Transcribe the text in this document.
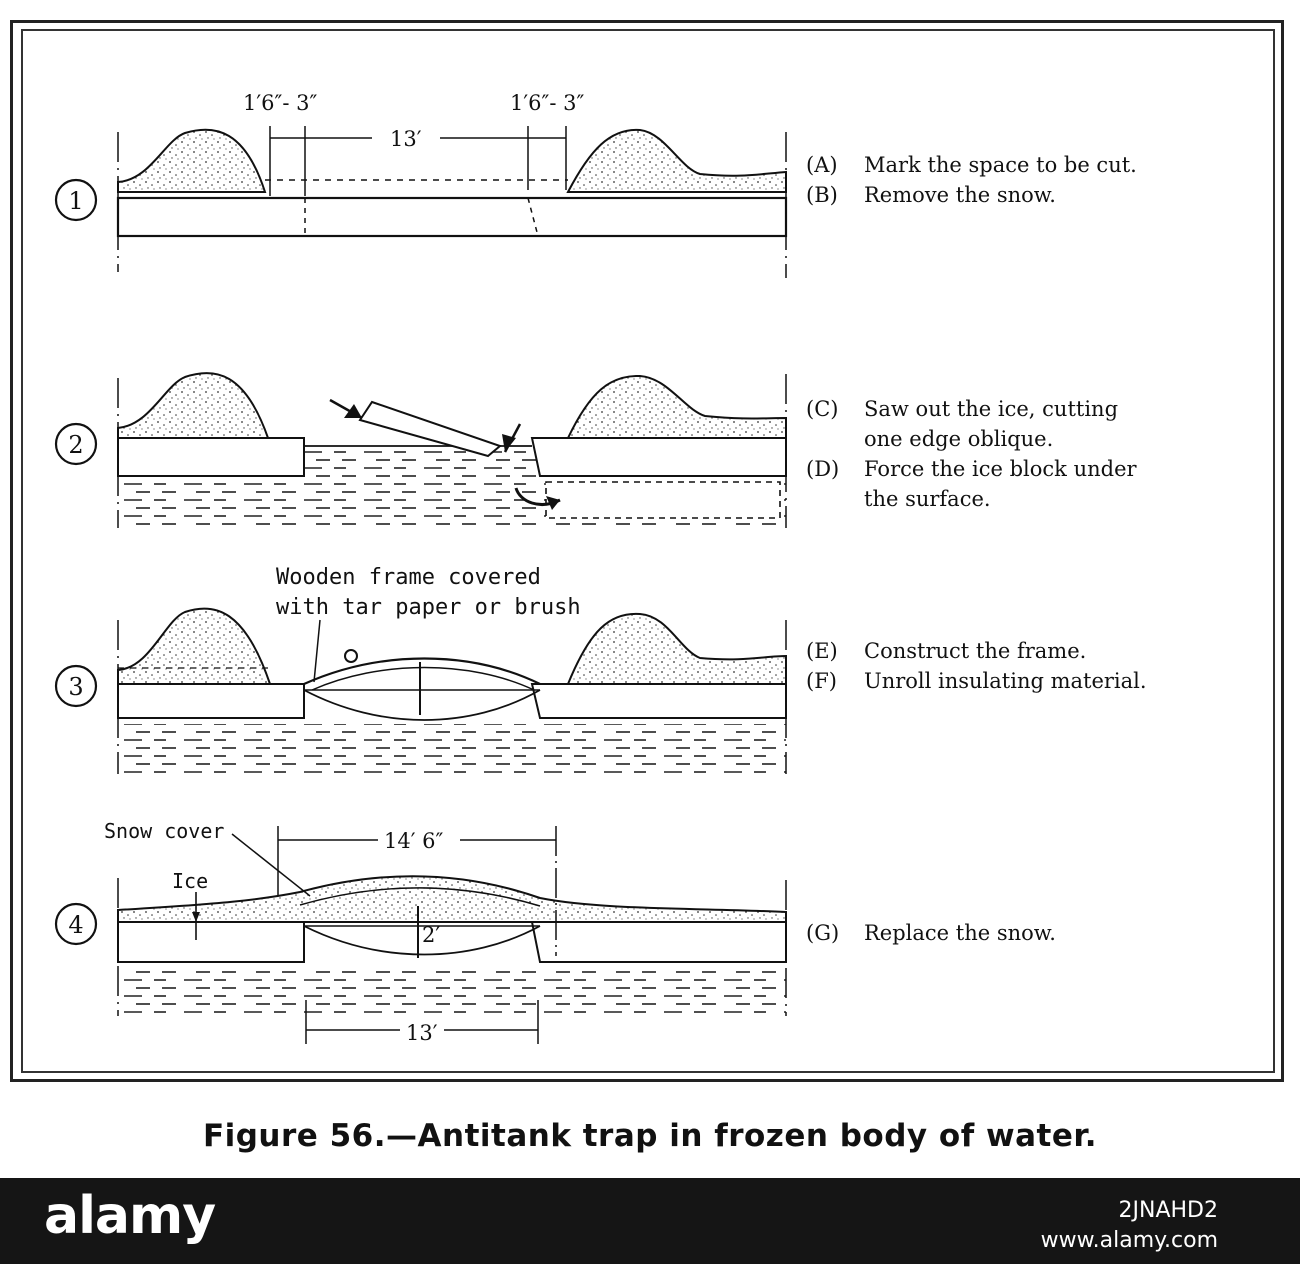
1
2
3
4
1′6″- 3″	1′6″- 3″
13′
Wooden frame covered
with tar paper or brush
Snow cover
Ice
14′ 6″
2′
13′
(A) Mark the space to be cut.
(B) Remove the snow.
(C) Saw out the ice, cutting
one edge oblique.
(D) Force the ice block under
the surface.
(E) Construct the frame.
(F) Unroll insulating material.
(G) Replace the snow.
Figure 56.—Antitank trap in frozen body of water.
alamy	2JNAHD2
www.alamy.com
